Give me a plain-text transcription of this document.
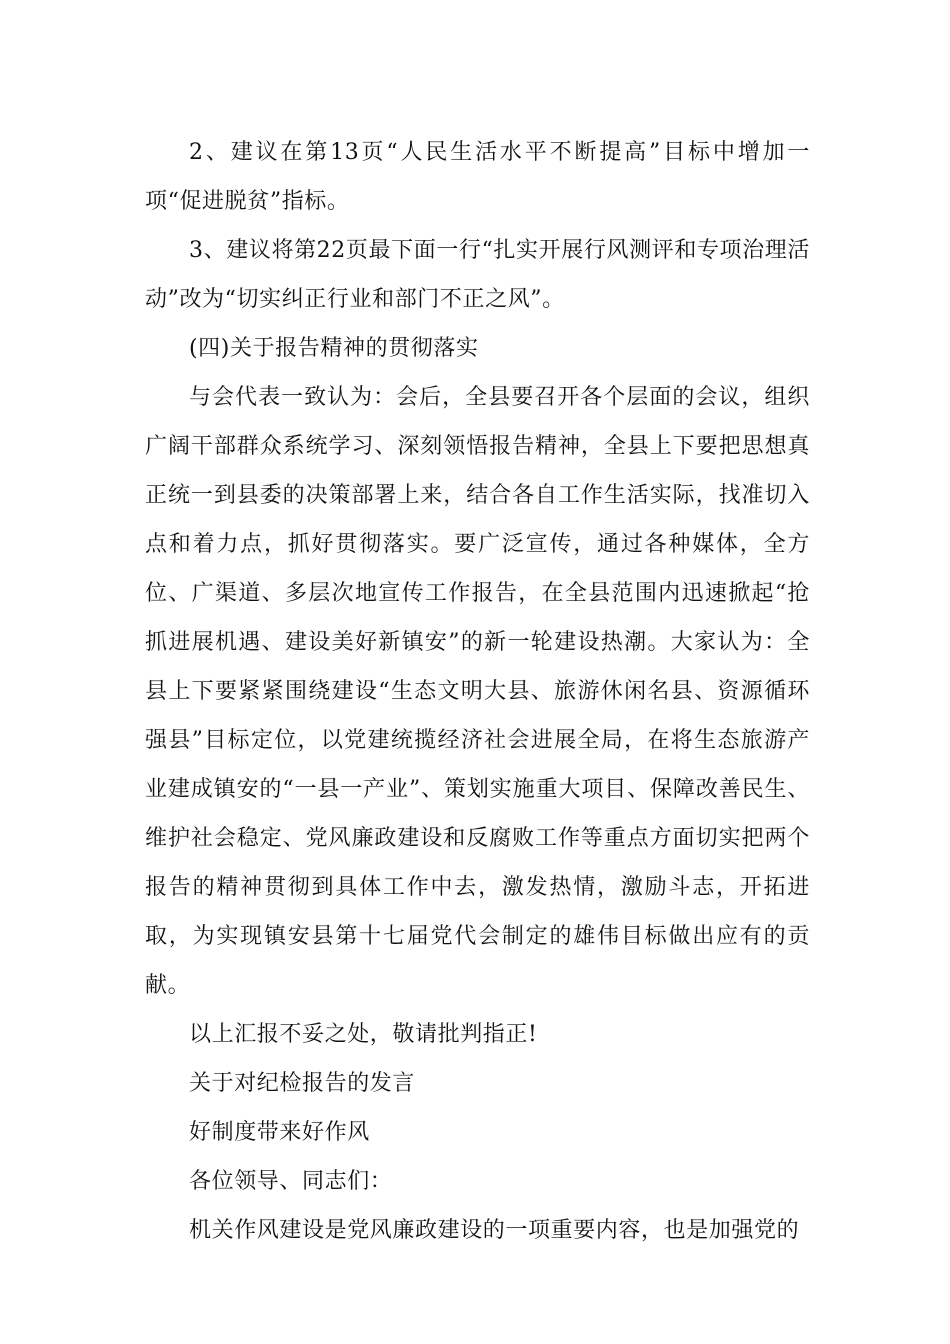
2、建议在第13页“人民生活水平不断提高”目标中增加一项“促进脱贫”指标。

3、建议将第22页最下面一行“扎实开展行风测评和专项治理活动”改为“切实纠正行业和部门不正之风”。

(四)关于报告精神的贯彻落实

与会代表一致认为：会后，全县要召开各个层面的会议，组织广阔干部群众系统学习、深刻领悟报告精神，全县上下要把思想真正统一到县委的决策部署上来，结合各自工作生活实际，找准切入点和着力点，抓好贯彻落实。要广泛宣传，通过各种媒体，全方位、广渠道、多层次地宣传工作报告，在全县范围内迅速掀起“抢抓进展机遇、建设美好新镇安”的新一轮建设热潮。大家认为：全县上下要紧紧围绕建设“生态文明大县、旅游休闲名县、资源循环强县”目标定位，以党建统揽经济社会进展全局，在将生态旅游产业建成镇安的“一县一产业”、策划实施重大项目、保障改善民生、维护社会稳定、党风廉政建设和反腐败工作等重点方面切实把两个报告的精神贯彻到具体工作中去，激发热情，激励斗志，开拓进取，为实现镇安县第十七届党代会制定的雄伟目标做出应有的贡献。

以上汇报不妥之处，敬请批判指正!

关于对纪检报告的发言

好制度带来好作风

各位领导、同志们：

机关作风建设是党风廉政建设的一项重要内容，也是加强党的
